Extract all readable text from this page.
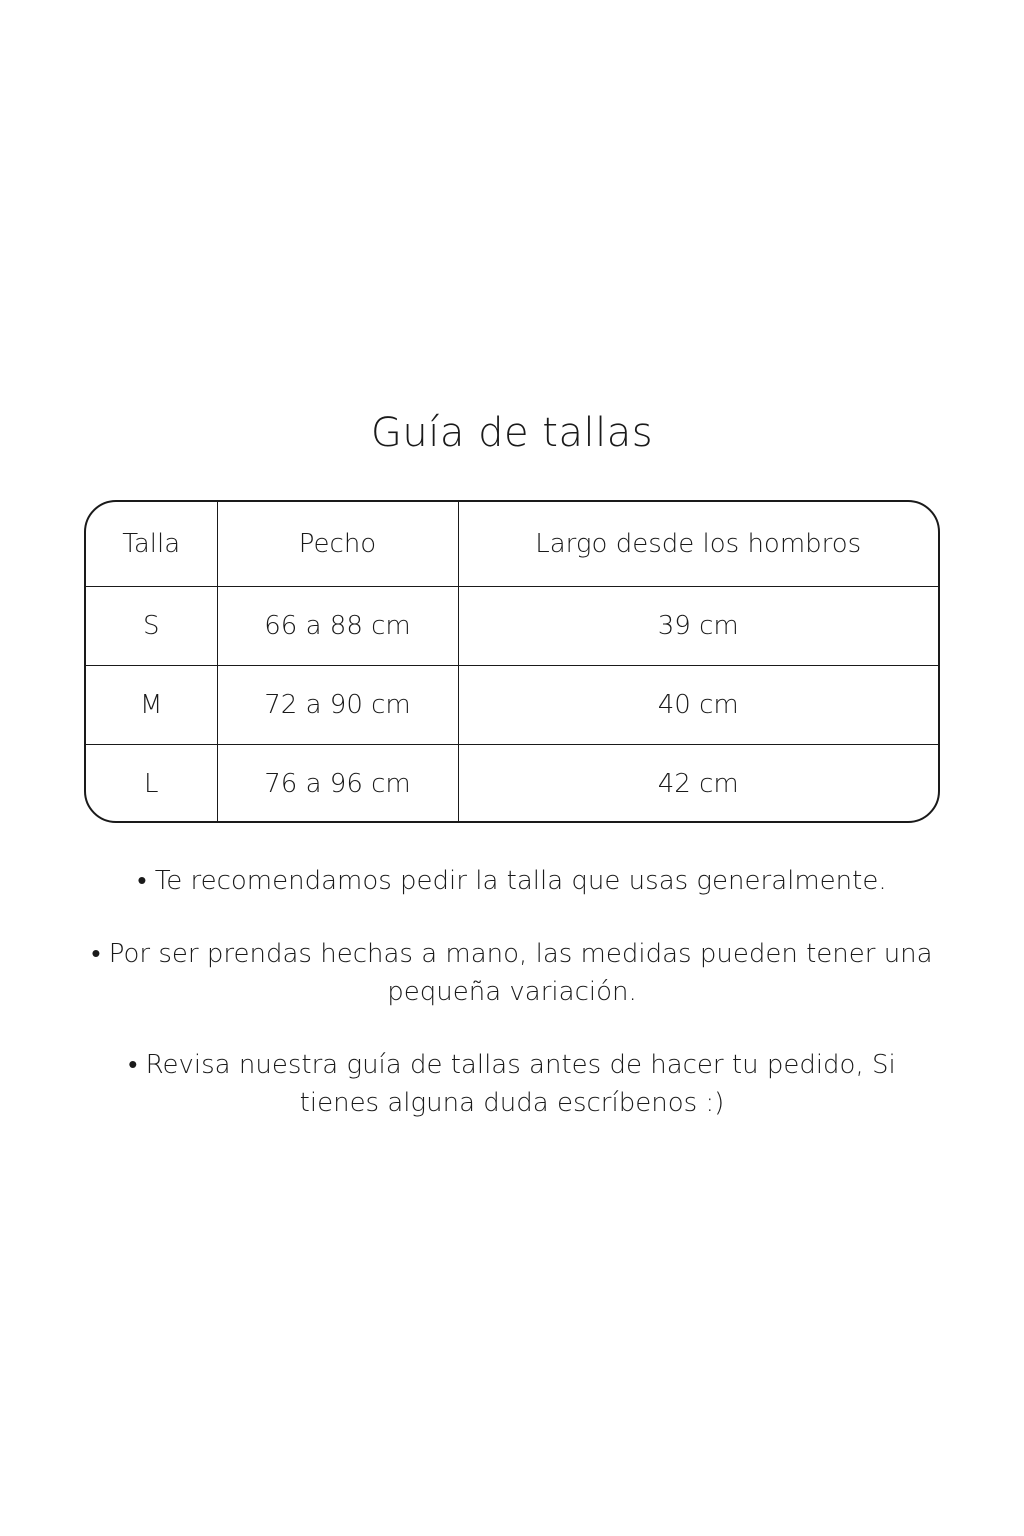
Guía de tallas
Talla	Pecho	Largo desde los hombros
S	66 a 88 cm	39 cm
M	72 a 90 cm	40 cm
L	76 a 96 cm	42 cm

• Te recomendamos pedir la talla que usas generalmente.

• Por ser prendas hechas a mano, las medidas pueden tener una pequeña variación.

• Revisa nuestra guía de tallas antes de hacer tu pedido, Si tienes alguna duda escríbenos :)
